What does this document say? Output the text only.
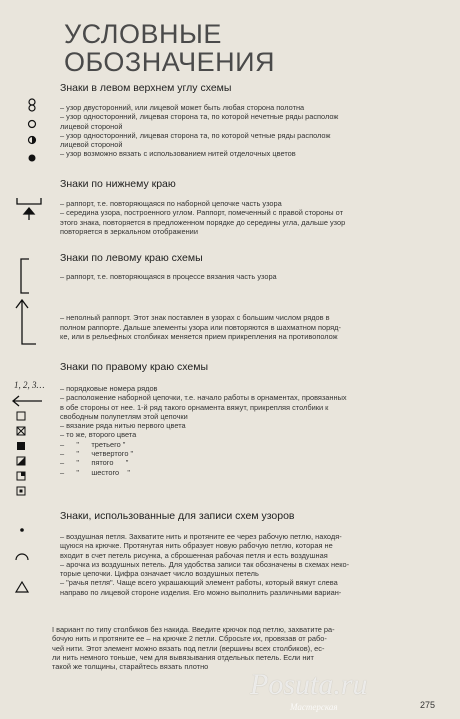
УСЛОВНЫЕ ОБОЗНАЧЕНИЯ
Знаки в левом верхнем углу схемы
Знаки по нижнему краю
Знаки по левому краю схемы
Знаки по правому краю схемы
Знаки, использованные для записи схем узоров
– узор двусторонний, или лицевой может быть любая сторона полотна
– узор односторонний, лицевая сторона та, по которой нечетные ряды располож
лицевой стороной
– узор односторонний, лицевая сторона та, по которой четные ряды располож
лицевой стороной
– узор возможно вязать с использованием нитей отделочных цветов
– раппорт, т.е. повторяющаяся по наборной цепочке часть узора
– середина узора, построенного углом. Раппорт, помеченный с правой стороны от
этого знака, повторяется в предложенном порядке до середины угла, дальше узор
повторяется в зеркальном отображении
– раппорт, т.е. повторяющаяся в процессе вязания часть узора
– неполный раппорт. Этот знак поставлен в узорах с большим числом рядов в
полном раппорте. Дальше элементы узора или повторяются в шахматном поряд-
ке, или в рельефных столбиках меняется прием прикрепления на противополож
– порядковые номера рядов
– расположение наборной цепочки, т.е. начало работы в орнаментах, провязанных
в обе стороны от нее. 1-й ряд такого орнамента вяжут, прикрепляя столбики к
свободным полупетлям этой цепочки
– вязание ряда нитью первого цвета
– то же, второго цвета
–      "      третьего "
–      "      четвертого "
–      "      пятого      "
–      "      шестого    "
– воздушная петля. Захватите нить и протяните ее через рабочую петлю, находя-
щуюся на крючке. Протянутая нить образует новую рабочую петлю, которая не
входит в счет петель рисунка, а сброшенная рабочая петля и есть воздушная
– арочка из воздушных петель. Для удобства записи так обозначены в схемах неко-
торые цепочки. Цифра означает число воздушных петель
– "рачья петля". Чаще всего украшающий элемент работы, который вяжут слева
направо по лицевой стороне изделия. Его можно выполнить различными вариан-
I вариант по типу столбиков без накида. Введите крючок под петлю, захватите ра-
бочую нить и протяните ее – на крючке 2 петли. Сбросьте их, провязав от рабо-
чей нити. Этот элемент можно вязать под петли (вершины всех столбиков), ес-
ли нить немного тоньше, чем для вывязывания отдельных петель. Если нит
такой же толщины, старайтесь вязать плотно
1, 2, 3…
Posuta.ru
Мастерская	275
